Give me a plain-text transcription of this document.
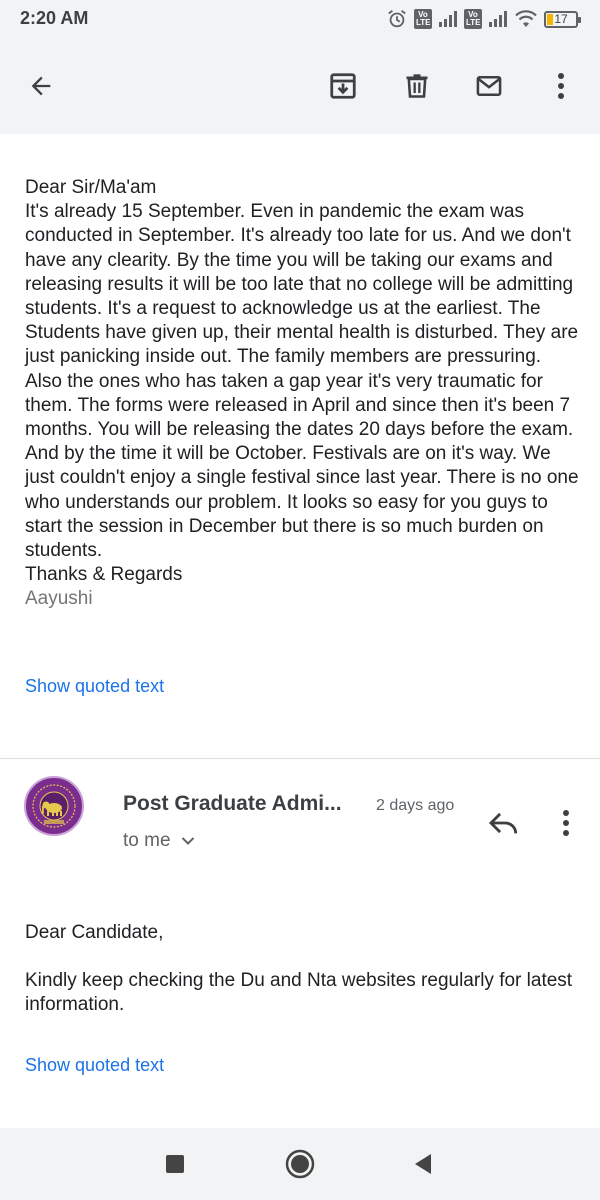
2:20 AM	Vo LTE
Vo LTE	17
Dear Sir/Ma'am
It's already 15 September. Even in pandemic the exam was conducted in September. It's already too late for us. And we don't have any clearity. By the time you will be taking our exams and releasing results it will be too late that no college will be admitting students. It's a request to acknowledge us at the earliest. The Students have given up, their mental health is disturbed. They are just panicking inside out. The family members are pressuring. Also the ones who has taken a gap year it's very traumatic for them. The forms were released in April and since then it's been 7 months. You will be releasing the dates 20 days before the exam. And by the time it will be October. Festivals are on it's way. We just couldn't enjoy a single festival since last year. There is no one who understands our problem. It looks so easy for you guys to start the session in December but there is so much burden on students.
Thanks & Regards
Aayushi
Show quoted text
Post Graduate Admi... 2 days ago
to me
Dear Candidate,
Kindly keep checking the Du and Nta websites regularly for latest information.
Show quoted text
